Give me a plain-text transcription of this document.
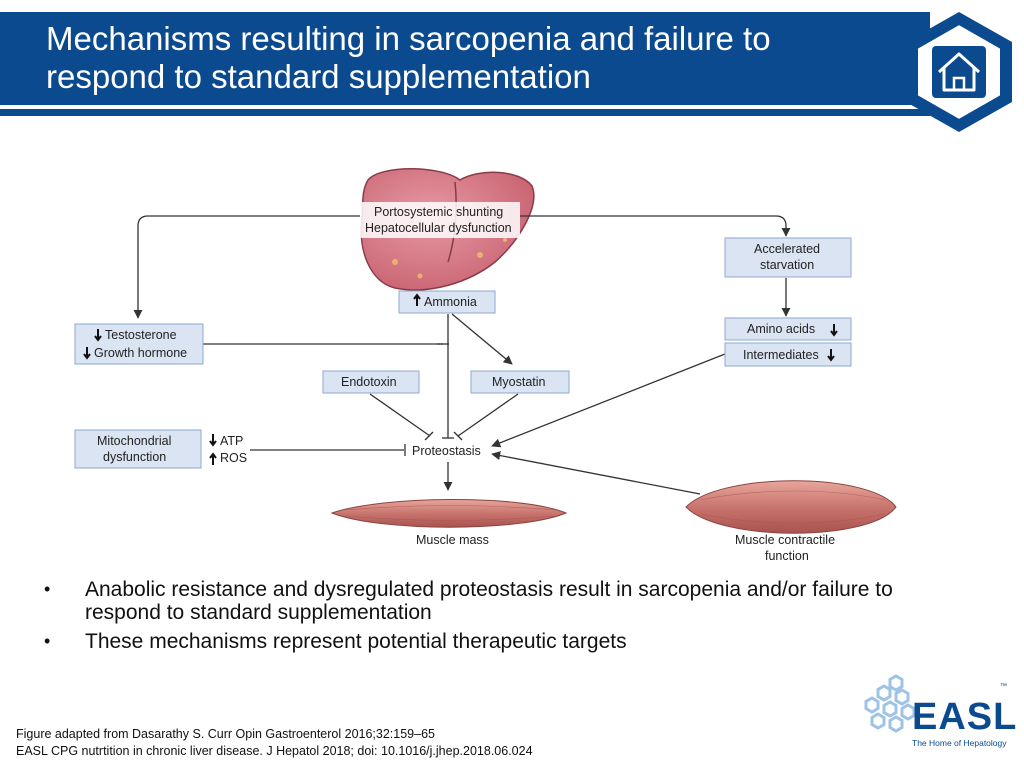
Mechanisms resulting in sarcopenia and failure to
respond to standard supplementation
Portosystemic shunting
Hepatocellular dysfunction
Accelerated
starvation
Ammonia
Testosterone
Growth hormone
Amino acids
Intermediates
Endotoxin	Myostatin
Mitochondrial
dysfunction
ATP
ROS	Proteostasis
Muscle mass	Muscle contractile
function
• Anabolic resistance and dysregulated proteostasis result in sarcopenia and/or failure to respond to standard supplementation
• These mechanisms represent potential therapeutic targets
Figure adapted from Dasarathy S. Curr Opin Gastroenterol 2016;32:159–65
EASL CPG nutrtition in chronic liver disease. J Hepatol 2018; doi: 10.1016/j.jhep.2018.06.024
™
EASL
The Home of Hepatology
